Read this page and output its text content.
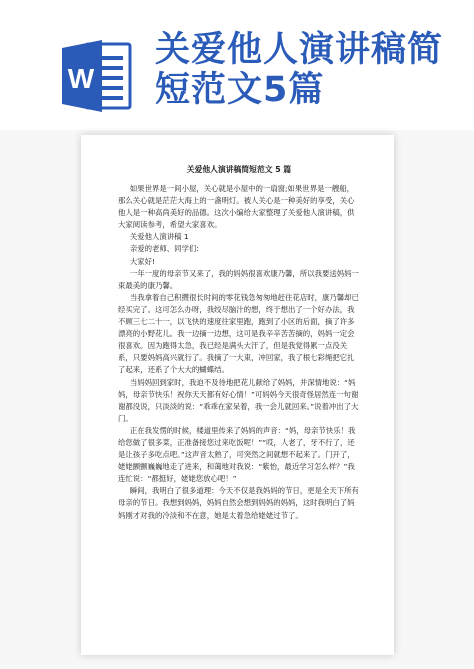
W
关爱他人演讲稿简
短范文5篇
关爱他人演讲稿简短范文 5 篇

如果世界是一间小屋，关心就是小屋中的一扇窗;如果世界是一艘船，那么关心就是茫茫大海上的一盏明灯。被人关心是一种美好的享受，关心他人是一种高尚美好的品德。这次小编给大家整理了关爱他人演讲稿，供大家阅读参考，希望大家喜欢。

关爱他人演讲稿 1

亲爱的老师、同学们:

大家好!

一年一度的母亲节又来了，我的妈妈很喜欢康乃馨，所以我要送妈妈一束最美的康乃馨。

当我拿着自己积攒很长时间的零花钱急匆匆地赶往花店时，康乃馨却已经买完了。这可怎么办呀，我绞尽脑汁的想，终于想出了一个好办法，我不顾三七二十一，以飞快的速度往家里跑，跑到了小区的后面，摘了许多漂亮的小野花儿。我一边摘一边想，这可是我辛辛苦苦摘的，妈妈一定会很喜欢。因为跑得太急，我已经是满头大汗了，但是我觉得累一点没关系，只要妈妈高兴就行了。我摘了一大束，冲回家，我了根七彩绳把它扎了起来，还系了个大大的蝴蝶结。

当妈妈回到家时，我迫不及待地把花儿献给了妈妈，并深情地说：“妈妈，母亲节快乐！祝你天天都有好心情！”可妈妈今天很奇怪居然连一句谢谢都没说，只淡淡的说：“乖乖在家呆着，我一会儿就回来。”说着冲出了大门。

正在我发愣的时候，楼道里传来了妈妈的声音：“妈，母亲节快乐！我给您做了很多菜，正准备接您过来吃饭呢！”“哎，人老了，牙不行了，还是让孩子多吃点吧。”这声音太熟了，可突然之间就想不起来了。门开了，姥姥颤颤巍巍地走了进来，和蔼地对我说：“紫怡，最近学习怎么样？”我连忙说：“都挺好，姥姥您放心吧！”

瞬间，我明白了很多道理：今天不仅是我妈妈的节日，更是全天下所有母亲的节日。我想到妈妈，妈妈自然会想到妈妈的妈妈，这时我明白了妈妈刚才对我的冷淡和不在意，她是太着急给姥姥过节了。
